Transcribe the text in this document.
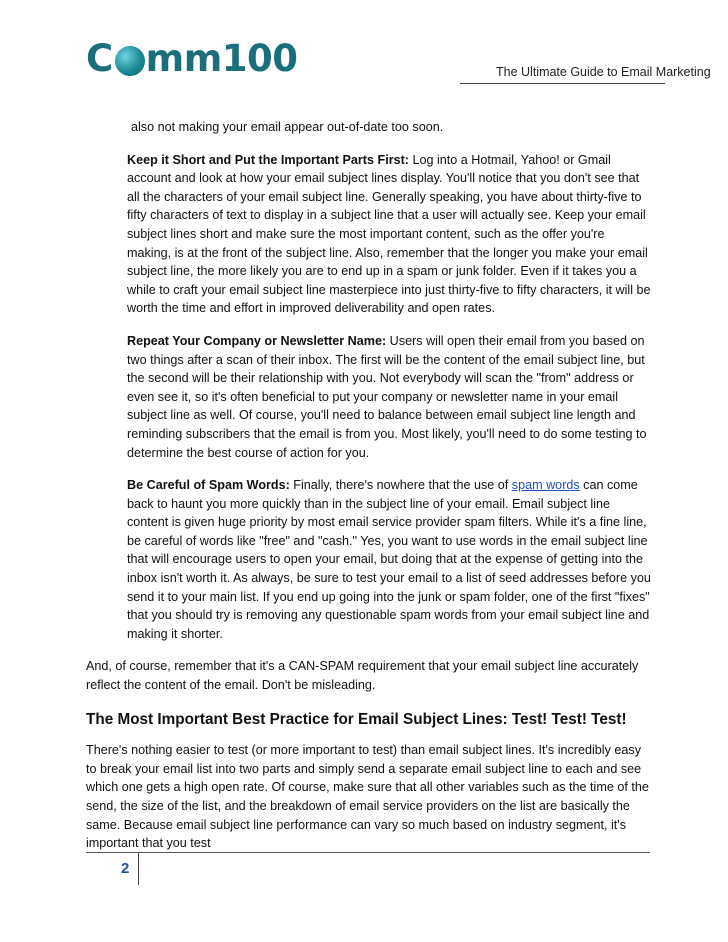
C mm100	The Ultimate Guide to Email Marketing
also not making your email appear out-of-date too soon.

Keep it Short and Put the Important Parts First: Log into a Hotmail, Yahoo! or Gmail account and look at how your email subject lines display. You'll notice that you don't see that all the characters of your email subject line. Generally speaking, you have about thirty-five to fifty characters of text to display in a subject line that a user will actually see. Keep your email subject lines short and make sure the most important content, such as the offer you're making, is at the front of the subject line. Also, remember that the longer you make your email subject line, the more likely you are to end up in a spam or junk folder. Even if it takes you a while to craft your email subject line masterpiece into just thirty-five to fifty characters, it will be worth the time and effort in improved deliverability and open rates.

Repeat Your Company or Newsletter Name: Users will open their email from you based on two things after a scan of their inbox. The first will be the content of the email subject line, but the second will be their relationship with you. Not everybody will scan the "from" address or even see it, so it's often beneficial to put your company or newsletter name in your email subject line as well. Of course, you'll need to balance between email subject line length and reminding subscribers that the email is from you. Most likely, you'll need to do some testing to determine the best course of action for you.

Be Careful of Spam Words: Finally, there's nowhere that the use of spam words can come back to haunt you more quickly than in the subject line of your email. Email subject line content is given huge priority by most email service provider spam filters. While it's a fine line, be careful of words like "free" and "cash." Yes, you want to use words in the email subject line that will encourage users to open your email, but doing that at the expense of getting into the inbox isn't worth it. As always, be sure to test your email to a list of seed addresses before you send it to your main list. If you end up going into the junk or spam folder, one of the first "fixes" that you should try is removing any questionable spam words from your email subject line and making it shorter.

And, of course, remember that it's a CAN-SPAM requirement that your email subject line accurately reflect the content of the email. Don't be misleading.

The Most Important Best Practice for Email Subject Lines: Test! Test! Test!

There's nothing easier to test (or more important to test) than email subject lines. It's incredibly easy to break your email list into two parts and simply send a separate email subject line to each and see which one gets a high open rate. Of course, make sure that all other variables such as the time of the send, the size of the list, and the breakdown of email service providers on the list are basically the same. Because email subject line performance can vary so much based on industry segment, it's important that you test

2
